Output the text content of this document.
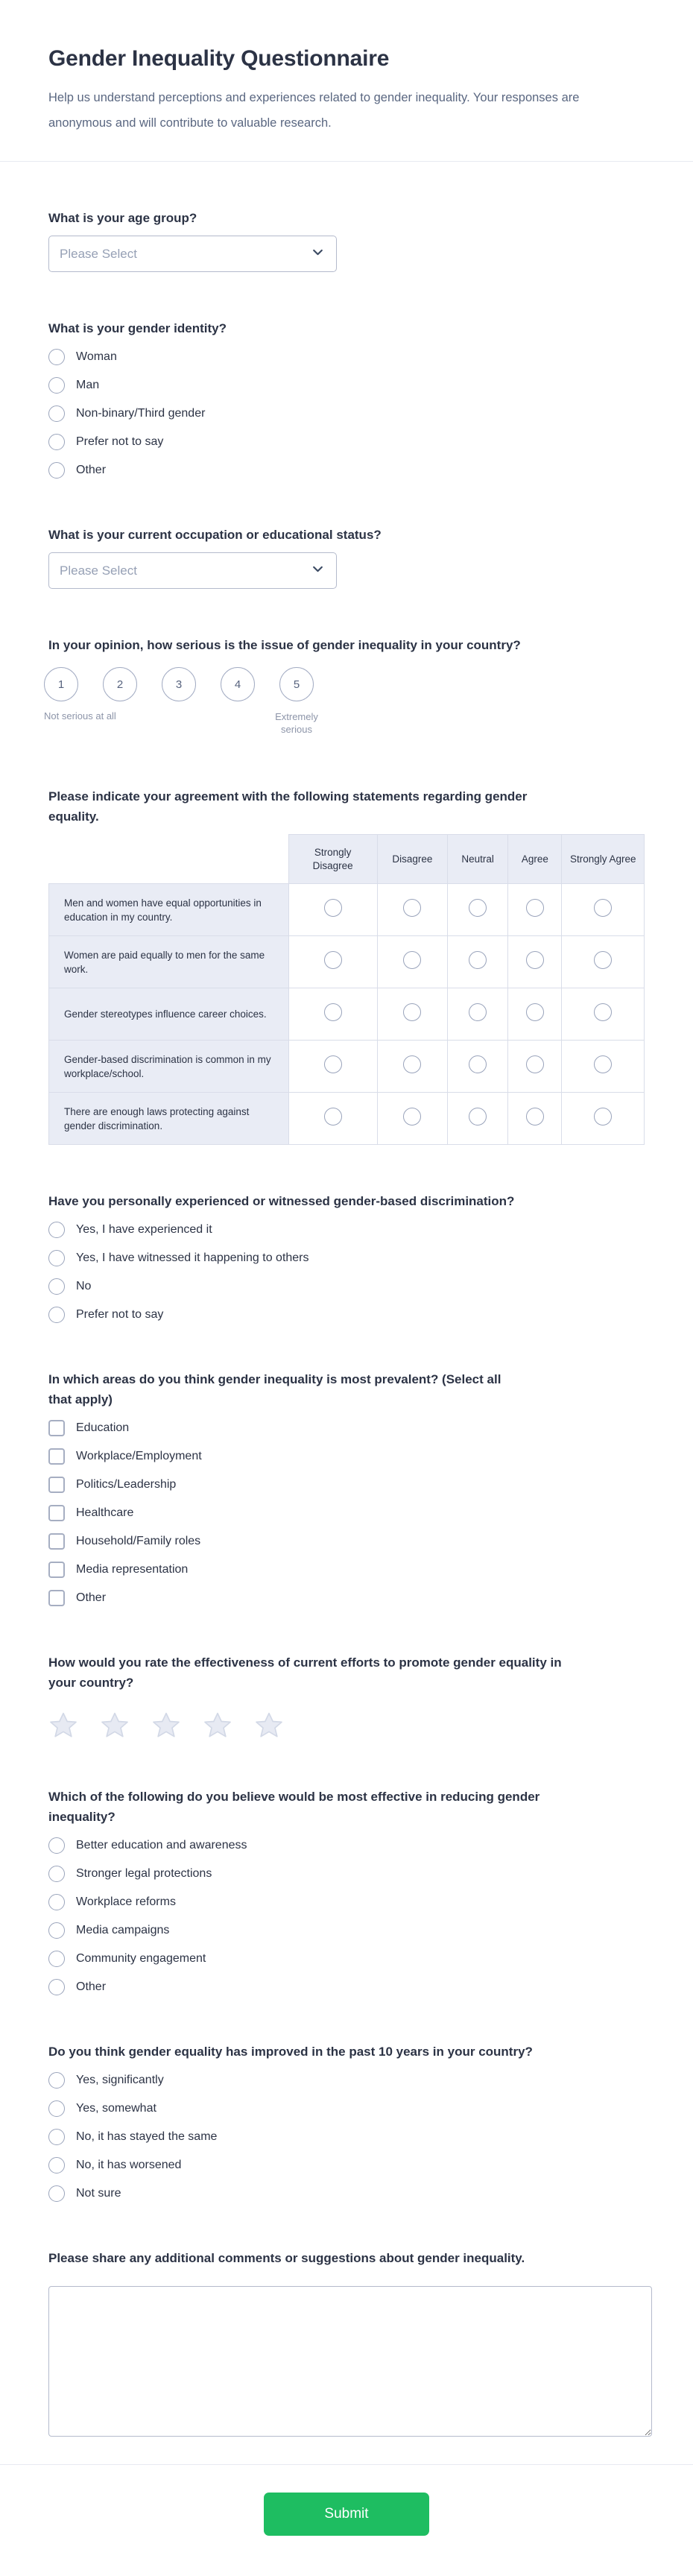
Gender Inequality Questionnaire

Help us understand perceptions and experiences related to gender inequality. Your responses are anonymous and will contribute to valuable research.

What is your age group?
Please Select
What is your gender identity?
Woman
Man
Non-binary/Third gender
Prefer not to say
Other
What is your current occupation or educational status?
Please Select
In your opinion, how serious is the issue of gender inequality in your country?
1	2	3	4	5
Not serious at all	Extremely serious
Please indicate your agreement with the following statements regarding gender equality.
	Strongly Disagree	Disagree	Neutral	Agree	Strongly Agree
Men and women have equal opportunities in education in my country.					
Women are paid equally to men for the same work.					
Gender stereotypes influence career choices.					
Gender-based discrimination is common in my workplace/school.					
There are enough laws protecting against gender discrimination.					
Have you personally experienced or witnessed gender-based discrimination?
Yes, I have experienced it
Yes, I have witnessed it happening to others
No
Prefer not to say
In which areas do you think gender inequality is most prevalent? (Select all that apply)
Education
Workplace/Employment
Politics/Leadership
Healthcare
Household/Family roles
Media representation
Other
How would you rate the effectiveness of current efforts to promote gender equality in your country?
Which of the following do you believe would be most effective in reducing gender inequality?
Better education and awareness
Stronger legal protections
Workplace reforms
Media campaigns
Community engagement
Other
Do you think gender equality has improved in the past 10 years in your country?
Yes, significantly
Yes, somewhat
No, it has stayed the same
No, it has worsened
Not sure
Please share any additional comments or suggestions about gender inequality.
Submit
